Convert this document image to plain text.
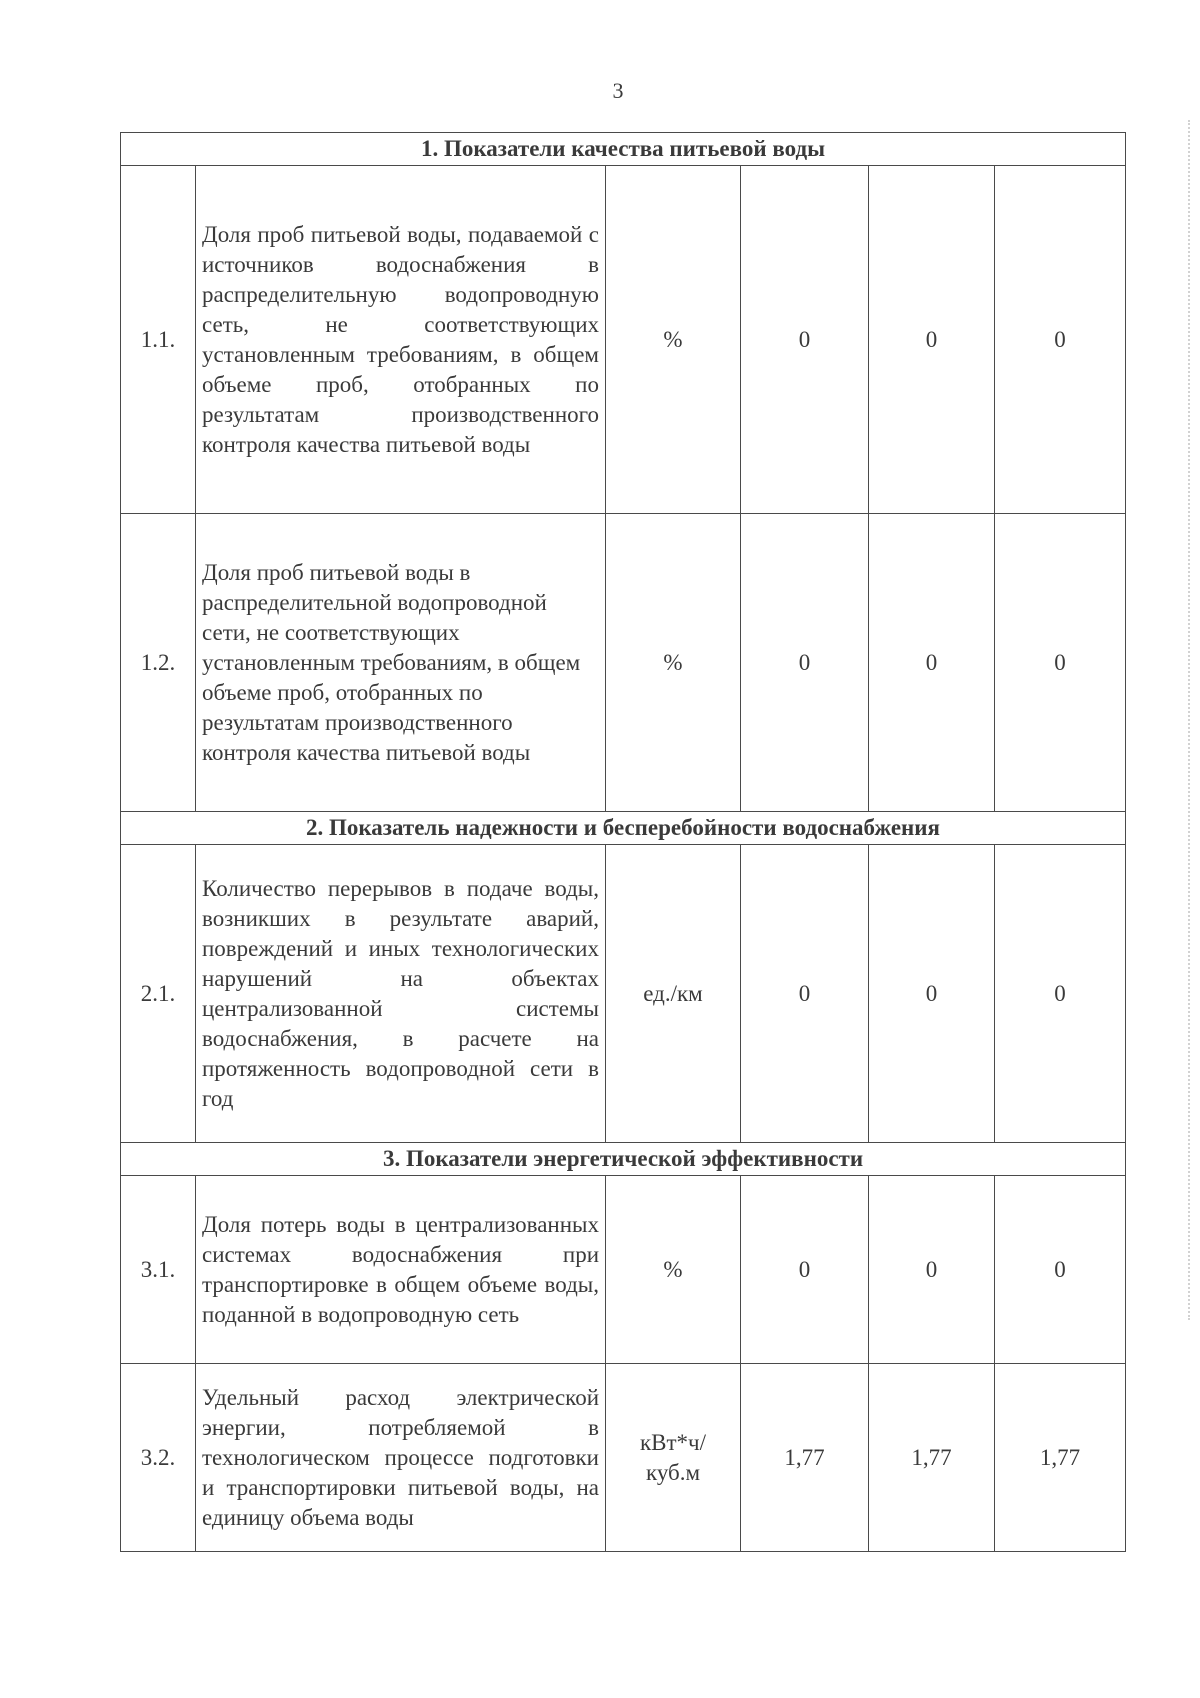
3
1. Показатели качества питьевой воды					
1.1.	Доля проб питьевой воды, подаваемой с источников водоснабжения в распределительную водопроводную сеть, не соответствующих установленным требованиям, в общем объеме проб, отобранных по результатам производственного контроля качества питьевой воды	%	0	0	0
1.2.	Доля проб питьевой воды в распределительной водопроводной сети, не соответствующих установленным требованиям, в общем объеме проб, отобранных по результатам производственного контроля качества питьевой воды	%	0	0	0
2. Показатель надежности и бесперебойности водоснабжения					
2.1.	Количество перерывов в подаче воды, возникших в результате аварий, повреждений и иных технологических нарушений на объектах централизованной системы водоснабжения, в расчете на протяженность водопроводной сети в год	ед./км	0	0	0
3. Показатели энергетической эффективности					
3.1.	Доля потерь воды в централизованных системах водоснабжения при транспортировке в общем объеме воды, поданной в водопроводную сеть	%	0	0	0
3.2.	Удельный расход электрической энергии, потребляемой в технологическом процессе подготовки и транспортировки питьевой воды, на единицу объема воды	кВт*ч/ куб.м	1,77	1,77	1,77
